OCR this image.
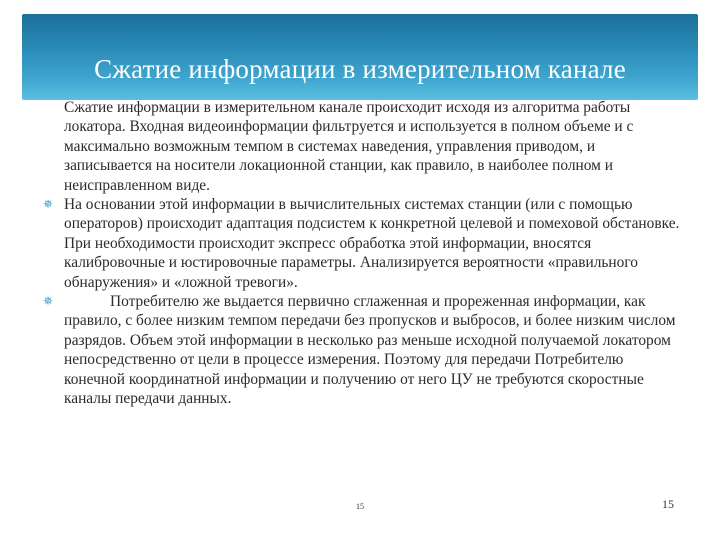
Сжатие информации в измерительном канале

Сжатие информации в измерительном канале происходит исходя из алгоритма работы локатора. Входная видеоинформации фильтруется и используется в полном объеме и с максимально возможным темпом в системах наведения, управления приводом, и записывается на носители локационной станции, как правило, в наиболее полном и неисправленном виде.

✵ На основании этой информации в вычислительных системах станции (или с помощью операторов) происходит адаптация подсистем к конкретной целевой и помеховой обстановке. При необходимости происходит экспресс обработка этой информации, вносятся калибровочные и юстировочные параметры. Анализируется вероятности «правильного обнаружения» и «ложной тревоги».

✵	Потребителю же выдается первично сглаженная и прореженная информации, как правило, с более низким темпом передачи без пропусков и выбросов, и более низким числом разрядов. Объем этой информации в несколько раз меньше исходной получаемой локатором непосредственно от цели в процессе измерения. Поэтому для передачи Потребителю конечной координатной информации и получению от него ЦУ не требуются скоростные каналы передачи данных.

15	15
